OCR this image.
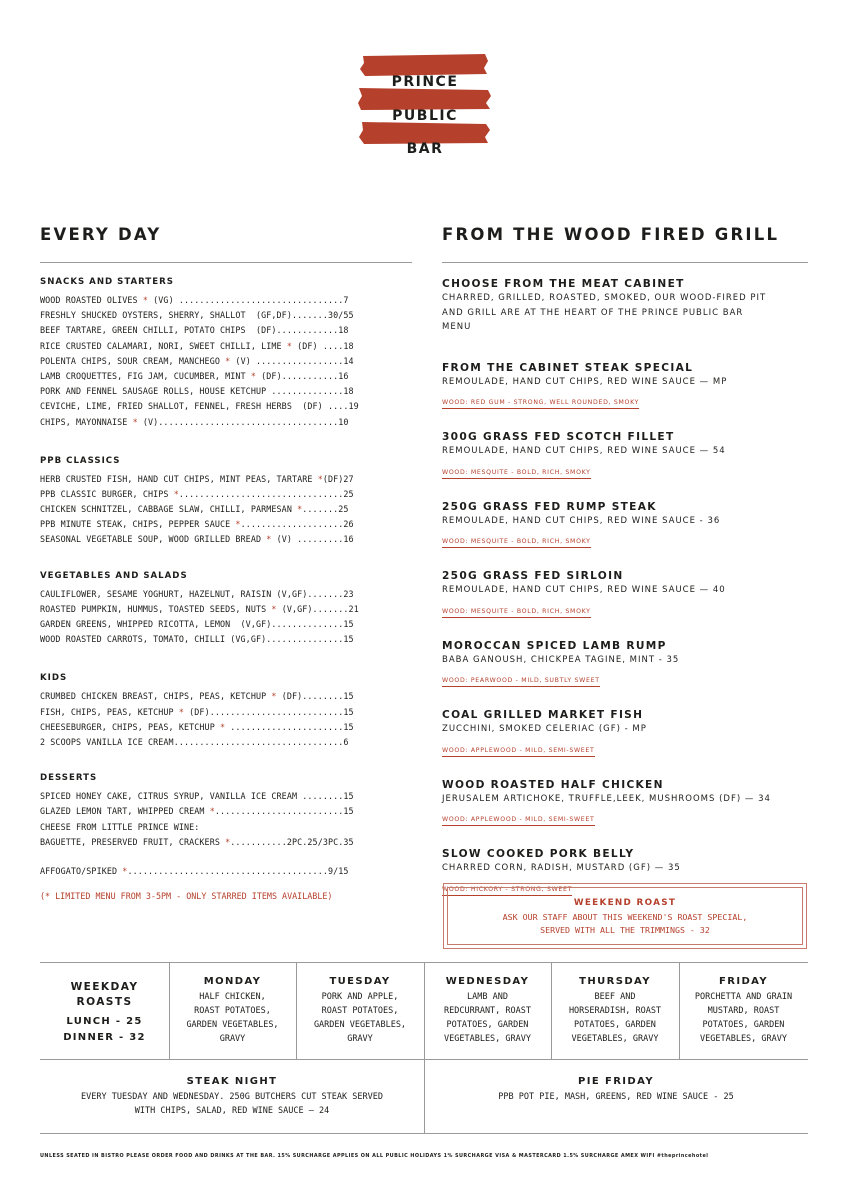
PRINCE
PUBLIC
BAR
EVERY DAY	FROM THE WOOD FIRED GRILL
SNACKS AND STARTERS
WOOD ROASTED OLIVES * (VG) ................................7
FRESHLY SHUCKED OYSTERS, SHERRY, SHALLOT  (GF,DF).......30/55
BEEF TARTARE, GREEN CHILLI, POTATO CHIPS  (DF)............18
RICE CRUSTED CALAMARI, NORI, SWEET CHILLI, LIME * (DF) ....18
POLENTA CHIPS, SOUR CREAM, MANCHEGO * (V) .................14
LAMB CROQUETTES, FIG JAM, CUCUMBER, MINT * (DF)...........16
PORK AND FENNEL SAUSAGE ROLLS, HOUSE KETCHUP ..............18
CEVICHE, LIME, FRIED SHALLOT, FENNEL, FRESH HERBS  (DF) ....19
CHIPS, MAYONNAISE * (V)...................................10
PPB CLASSICS
HERB CRUSTED FISH, HAND CUT CHIPS, MINT PEAS, TARTARE *(DF)27
PPB CLASSIC BURGER, CHIPS *................................25
CHICKEN SCHNITZEL, CABBAGE SLAW, CHILLI, PARMESAN *.......25
PPB MINUTE STEAK, CHIPS, PEPPER SAUCE *....................26
SEASONAL VEGETABLE SOUP, WOOD GRILLED BREAD * (V) .........16
VEGETABLES AND SALADS
CAULIFLOWER, SESAME YOGHURT, HAZELNUT, RAISIN (V,GF).......23
ROASTED PUMPKIN, HUMMUS, TOASTED SEEDS, NUTS * (V,GF).......21
GARDEN GREENS, WHIPPED RICOTTA, LEMON  (V,GF)..............15
WOOD ROASTED CARROTS, TOMATO, CHILLI (VG,GF)...............15
KIDS
CRUMBED CHICKEN BREAST, CHIPS, PEAS, KETCHUP * (DF)........15
FISH, CHIPS, PEAS, KETCHUP * (DF)..........................15
CHEESEBURGER, CHIPS, PEAS, KETCHUP * ......................15
2 SCOOPS VANILLA ICE CREAM.................................6
DESSERTS
SPICED HONEY CAKE, CITRUS SYRUP, VANILLA ICE CREAM ........15
GLAZED LEMON TART, WHIPPED CREAM *.........................15
CHEESE FROM LITTLE PRINCE WINE:
BAGUETTE, PRESERVED FRUIT, CRACKERS *...........2PC.25/3PC.35
AFFOGATO/SPIKED *.......................................9/15
(* LIMITED MENU FROM 3-5PM - ONLY STARRED ITEMS AVAILABLE)
CHOOSE FROM THE MEAT CABINET
CHARRED, GRILLED, ROASTED, SMOKED, OUR WOOD-FIRED PIT
AND GRILL ARE AT THE HEART OF THE PRINCE PUBLIC BAR
MENU
FROM THE CABINET STEAK SPECIAL
REMOULADE, HAND CUT CHIPS, RED WINE SAUCE — MP
WOOD: RED GUM - STRONG, WELL ROUNDED, SMOKY
300G GRASS FED SCOTCH FILLET
REMOULADE, HAND CUT CHIPS, RED WINE SAUCE — 54
WOOD: MESQUITE - BOLD, RICH, SMOKY
250G GRASS FED RUMP STEAK
REMOULADE, HAND CUT CHIPS, RED WINE SAUCE - 36
WOOD: MESQUITE - BOLD, RICH, SMOKY
250G GRASS FED SIRLOIN
REMOULADE, HAND CUT CHIPS, RED WINE SAUCE — 40
WOOD: MESQUITE - BOLD, RICH, SMOKY
MOROCCAN SPICED LAMB RUMP
BABA GANOUSH, CHICKPEA TAGINE, MINT - 35
WOOD: PEARWOOD - MILD, SUBTLY SWEET
COAL GRILLED MARKET FISH
ZUCCHINI, SMOKED CELERIAC (GF) - MP
WOOD: APPLEWOOD - MILD, SEMI-SWEET
WOOD ROASTED HALF CHICKEN
JERUSALEM ARTICHOKE, TRUFFLE,LEEK, MUSHROOMS (DF) — 34
WOOD: APPLEWOOD - MILD, SEMI-SWEET
SLOW COOKED PORK BELLY
CHARRED CORN, RADISH, MUSTARD (GF) — 35
WOOD: HICKORY - STRONG, SWEET
WEEKEND ROAST
ASK OUR STAFF ABOUT THIS WEEKEND'S ROAST SPECIAL,
SERVED WITH ALL THE TRIMMINGS - 32
WEEKDAY
ROASTS
LUNCH - 25
DINNER - 32
MONDAY
HALF CHICKEN,
ROAST POTATOES,
GARDEN VEGETABLES,
GRAVY
TUESDAY
PORK AND APPLE,
ROAST POTATOES,
GARDEN VEGETABLES,
GRAVY
WEDNESDAY
LAMB AND
REDCURRANT, ROAST
POTATOES, GARDEN
VEGETABLES, GRAVY
THURSDAY
BEEF AND
HORSERADISH, ROAST
POTATOES, GARDEN
VEGETABLES, GRAVY
FRIDAY
PORCHETTA AND GRAIN
MUSTARD, ROAST
POTATOES, GARDEN
VEGETABLES, GRAVY
STEAK NIGHT
EVERY TUESDAY AND WEDNESDAY. 250G BUTCHERS CUT STEAK SERVED
WITH CHIPS, SALAD, RED WINE SAUCE — 24
PIE FRIDAY
PPB POT PIE, MASH, GREENS, RED WINE SAUCE - 25
UNLESS SEATED IN BISTRO PLEASE ORDER FOOD AND DRINKS AT THE BAR. 15% SURCHARGE APPLIES ON ALL PUBLIC HOLIDAYS 1% SURCHARGE VISA & MASTERCARD 1.5% SURCHARGE AMEX WIFI #theprincehotel
